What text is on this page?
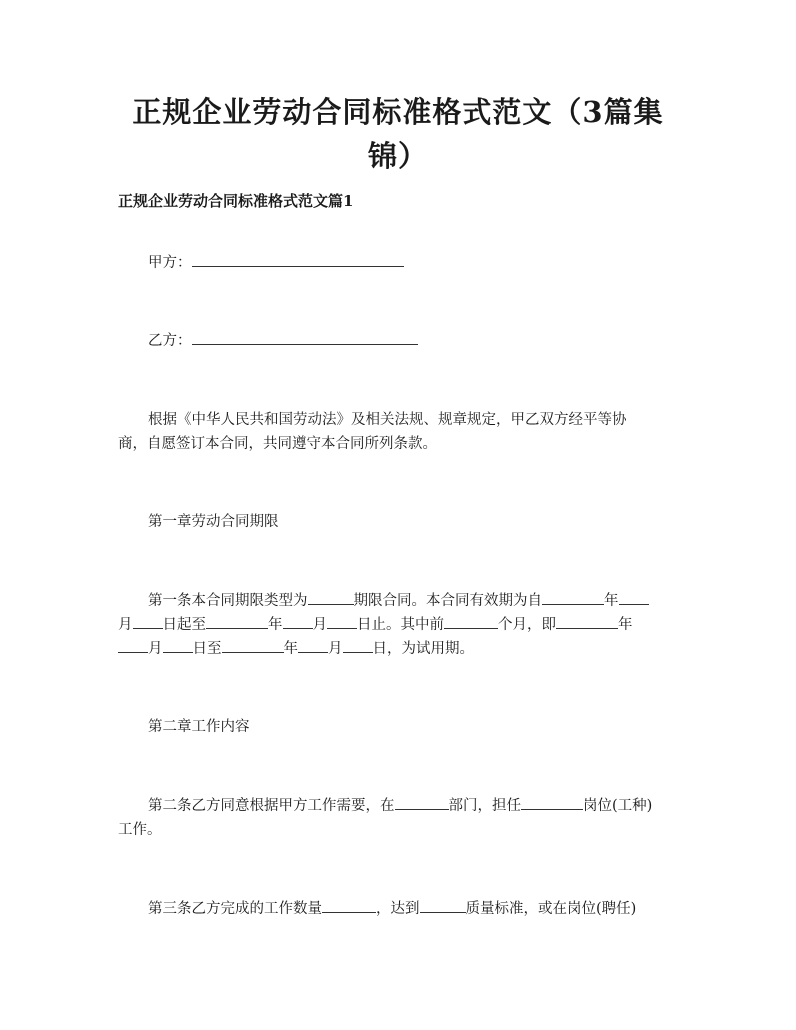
正规企业劳动合同标准格式范文（3篇集
锦）
正规企业劳动合同标准格式范文篇1

甲方：

乙方：

根据《中华人民共和国劳动法》及相关法规、规章规定，甲乙双方经平等协

商，自愿签订本合同，共同遵守本合同所列条款。

第一章劳动合同期限

第一条本合同期限类型为	期限合同。本合同有效期为自	年

月 日起至	年 月 日止。其中前	个月，即	年

月 日至	年 月 日，为试用期。

第二章工作内容

第二条乙方同意根据甲方工作需要，在	部门，担任	岗位(工种)

工作。

第三条乙方完成的工作数量	，达到	质量标准，或在岗位(聘任)
